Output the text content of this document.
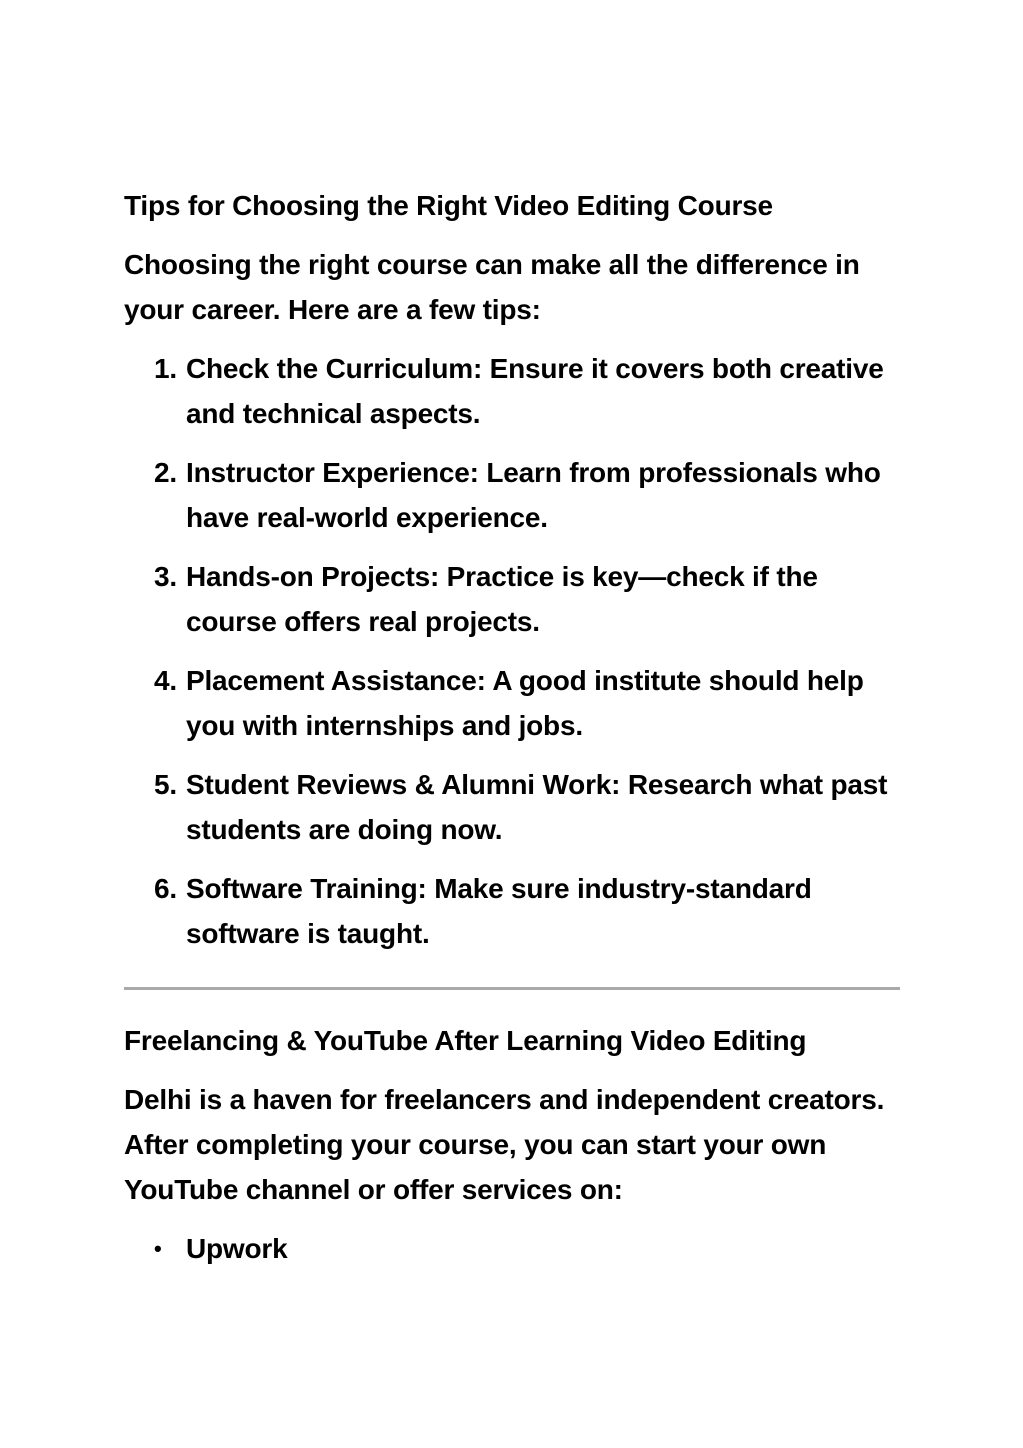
Tips for Choosing the Right Video Editing Course
Choosing the right course can make all the difference in your career. Here are a few tips:
1. Check the Curriculum: Ensure it covers both creative and technical aspects.
2. Instructor Experience: Learn from professionals who have real-world experience.
3. Hands-on Projects: Practice is key—check if the course offers real projects.
4. Placement Assistance: A good institute should help you with internships and jobs.
5. Student Reviews & Alumni Work: Research what past students are doing now.
6. Software Training: Make sure industry-standard software is taught.
Freelancing & YouTube After Learning Video Editing
Delhi is a haven for freelancers and independent creators. After completing your course, you can start your own YouTube channel or offer services on:
• Upwork
